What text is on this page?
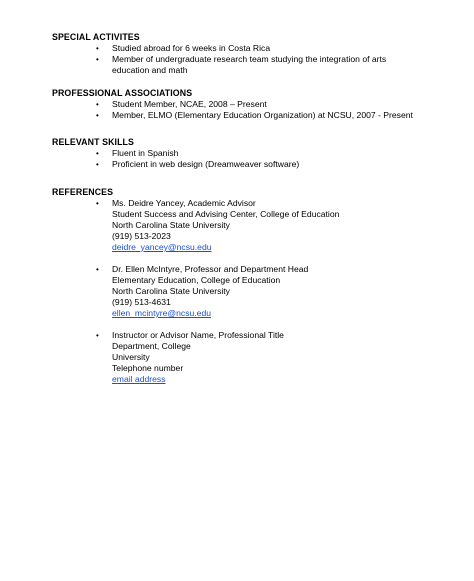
SPECIAL ACTIVITES
• Studied abroad for 6 weeks in Costa Rica
• Member of undergraduate research team studying the integration of arts education and math
PROFESSIONAL ASSOCIATIONS
• Student Member, NCAE, 2008 – Present
• Member, ELMO (Elementary Education Organization) at NCSU, 2007 - Present
RELEVANT SKILLS
• Fluent in Spanish
• Proficient in web design (Dreamweaver software)
REFERENCES
• Ms. Deidre Yancey, Academic Advisor
Student Success and Advising Center, College of Education
North Carolina State University
(919) 513-2023
deidre_yancey@ncsu.edu
• Dr. Ellen McIntyre, Professor and Department Head
Elementary Education, College of Education
North Carolina State University
(919) 513-4631
ellen_mcintyre@ncsu.edu
• Instructor or Advisor Name, Professional Title
Department, College
University
Telephone number
email address
